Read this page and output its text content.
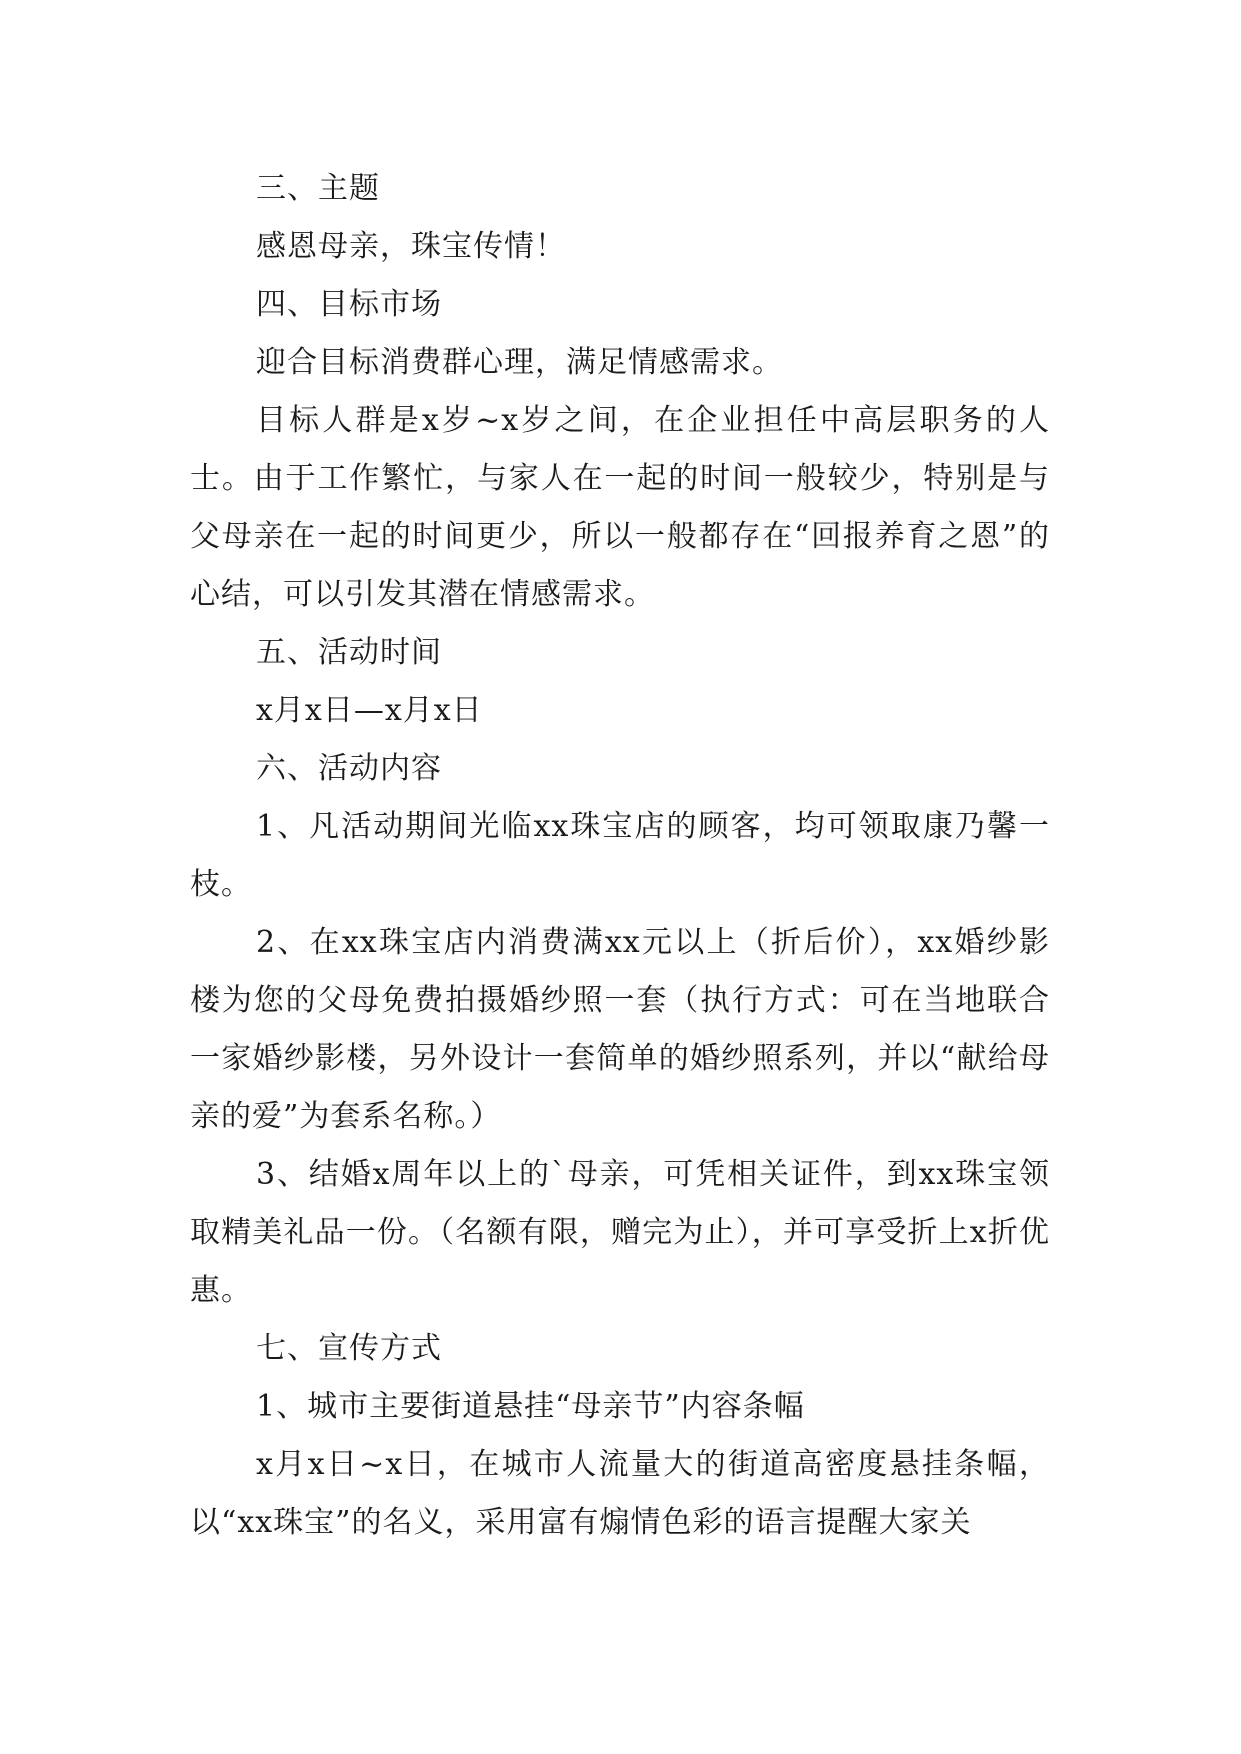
三、主题

感恩母亲，珠宝传情！

四、目标市场

迎合目标消费群心理，满足情感需求。

目标人群是x岁~x岁之间，在企业担任中高层职务的人士。由于工作繁忙，与家人在一起的时间一般较少，特别是与父母亲在一起的时间更少，所以一般都存在“回报养育之恩”的心结，可以引发其潜在情感需求。

五、活动时间

x月x日—x月x日

六、活动内容

1、凡活动期间光临xx珠宝店的顾客，均可领取康乃馨一枝。

2、在xx珠宝店内消费满xx元以上（折后价），xx婚纱影楼为您的父母免费拍摄婚纱照一套（执行方式：可在当地联合一家婚纱影楼，另外设计一套简单的婚纱照系列，并以“献给母亲的爱”为套系名称。）

3、结婚x周年以上的`母亲，可凭相关证件，到xx珠宝领取精美礼品一份。（名额有限，赠完为止），并可享受折上x折优惠。

七、宣传方式

1、城市主要街道悬挂“母亲节”内容条幅

x月x日~x日，在城市人流量大的街道高密度悬挂条幅，以“xx珠宝”的名义，采用富有煽情色彩的语言提醒大家关
